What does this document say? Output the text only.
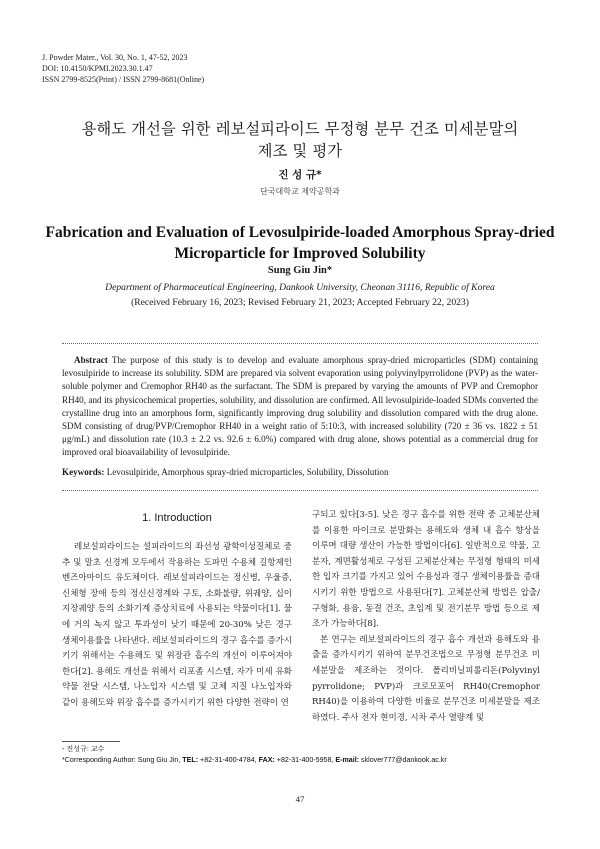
J. Powder Mater., Vol. 30, No. 1, 47-52, 2023
DOI: 10.4150/KPMI.2023.30.1.47
ISSN 2799-8525(Print) / ISSN 2799-8681(Online)
용해도 개선을 위한 레보설피라이드 무정형 분무 건조 미세분말의
제조 및 평가
진 성 규*
단국대학교 제약공학과
Fabrication and Evaluation of Levosulpiride-loaded Amorphous Spray-dried
Microparticle for Improved Solubility
Sung Giu Jin*
Department of Pharmaceutical Engineering, Dankook University, Cheonan 31116, Republic of Korea
(Received February 16, 2023; Revised February 21, 2023; Accepted February 22, 2023)
Abstract The purpose of this study is to develop and evaluate amorphous spray-dried microparticles (SDM) containing levosulpiride to increase its solubility. SDM are prepared via solvent evaporation using polyvinylpyrrolidone (PVP) as the water-soluble polymer and Cremophor RH40 as the surfactant. The SDM is prepared by varying the amounts of PVP and Cremophor RH40, and its physicochemical properties, solubility, and dissolution are confirmed. All levosulpiride-loaded SDMs converted the crystalline drug into an amorphous form, significantly improving drug solubility and dissolution compared with the drug alone. SDM consisting of drug/PVP/Cremophor RH40 in a weight ratio of 5:10:3, with increased solubility (720 ± 36 vs. 1822 ± 51 μg/mL) and dissolution rate (10.3 ± 2.2 vs. 92.6 ± 6.0%) compared with drug alone, shows potential as a commercial drug for improved oral bioavailability of levosulpiride.
Keywords: Levosulpiride, Amorphous spray-dried microparticles, Solubility, Dissolution
1. Introduction

레보설피라이드는 설피라이드의 좌선성 광학이성질체로 중추 및 말초 신경계 모두에서 작용하는 도파민 수용체 길항제인 벤즈아마이드 유도체이다. 레보설피라이드는 정신병, 우울증, 신체형 장애 등의 정신신경계와 구토, 소화불량, 위궤양, 십이지장궤양 등의 소화기계 증상치료에 사용되는 약물이다[1]. 물에 거의 녹지 않고 투과성이 낮기 때문에 20-30% 낮은 경구 생체이용률을 나타낸다. 레보설피라이드의 경구 흡수를 증가시키기 위해서는 수용해도 및 위장관 흡수의 개선이 이루어져야 한다[2]. 용해도 개선을 위해서 리포좀 시스템, 자가 미세 유화 약물 전달 시스템, 나노입자 시스템 및 고체 지질 나노입자와 같이 용해도와 위장 흡수를 증가시키기 위한 다양한 전략이 연

구되고 있다[3-5]. 낮은 경구 흡수를 위한 전략 중 고체분산체를 이용한 마이크로 분말화는 용해도와 생체 내 흡수 향상을 이루며 대량 생산이 가능한 방법이다[6]. 일반적으로 약물, 고분자, 계면활성제로 구성된 고체분산체는 무정형 형태의 미세한 입자 크기를 가지고 있어 수용성과 경구 생체이용률을 증대시키기 위한 방법으로 사용된다[7]. 고체분산체 방법은 압출/구형화, 용융, 동결 건조, 초임계 및 전기분무 방법 등으로 제조가 가능하다[8].

본 연구는 레보설피라이드의 경구 흡수 개선과 용해도와 용출을 증가시키기 위하여 분무건조법으로 무정형 분무건조 미세분말을 제조하는 것이다. 폴리비닐피롤리돈(Polyvinyl pyrrolidone; PVP)과 크로모포어 RH40(Cremophor RH40)을 이용하여 다양한 비율로 분무건조 미세분말을 제조하였다. 주사 전자 현미경, 시차 주사 열량계 및

- 진성규: 교수
*Corresponding Author: Sung Giu Jin, TEL: +82-31-400-4784, FAX: +82-31-400-5958, E-mail: sklover777@dankook.ac.kr
47
